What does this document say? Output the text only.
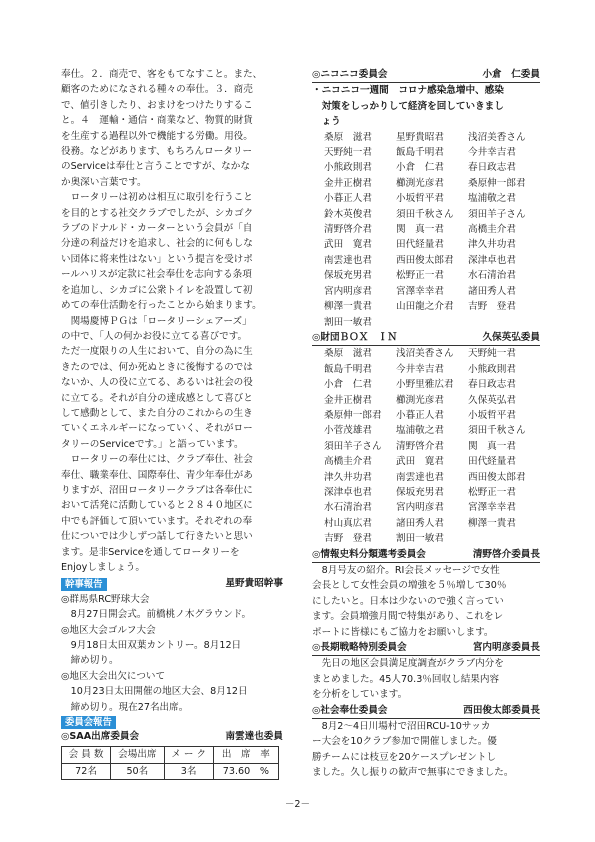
奉仕。２．商売で、客をもてなすこと。また、

顧客のためになされる種々の奉仕。３．商売

で、値引きしたり、おまけをつけたりするこ

と。４　運輸・通信・商業など、物質的財貨

を生産する過程以外で機能する労働。用役。

役務。などがあります、もちろんロータリー

のServiceは奉仕と言うことですが、なかな

か奥深い言葉です。

　ロータリーは初めは相互に取引を行うこと

を目的とする社交クラブでしたが、シカゴク

ラブのドナルド・カーターという会員が「自

分達の利益だけを追求し、社会的に何もしな

い団体に将来性はない」という提言を受けポ

ールハリスが定款に社会奉仕を志向する条項

を追加し、シカゴに公衆トイレを設置して初

めての奉仕活動を行ったことから始まります。

　関場慶博ＰＧは「ロータリーシェアーズ」

の中で、「人の何かお役に立てる喜びです。

ただ一度限りの人生において、自分の為に生

きたのでは、何か死ぬときに後悔するのでは

ないか、人の役に立てる、あるいは社会の役

に立てる。それが自分の達成感として喜びと

して感動として、また自分のこれからの生き

ていくエネルギーになっていく、それがロー

タリーのServiceです。」と語っています。

　ロータリーの奉仕には、クラブ奉仕、社会

奉仕、職業奉仕、国際奉仕、青少年奉仕があ

りますが、沼田ロータリークラブは各奉仕に

おいて活発に活動していると２８４０地区に

中でも評価して頂いています。それぞれの奉

仕についでは少しずつ話して行きたいと思い

ます。是非Serviceを通してロータリーを

Enjoyしましょう。

幹事報告	星野貴昭幹事

◎群馬県RC野球大会

8月27日開会式。前橋桃ノ木グラウンド。

◎地区大会ゴルフ大会

9月18日太田双葉カントリー。8月12日

締め切り。

◎地区大会出欠について

10月23日太田開催の地区大会、8月12日

締め切り。現在27名出席。

委員会報告
◎SAA出席委員会	南雲達也委員
会 員 数	会場出席	メ ー ク	出　席　率
72名	50名	3名	73.60　%
◎ニコニコ委員会	小倉　仁委員

・ニコニコ一週間　コロナ感染急増中、感染

対策をしっかりして経済を回していきまし

ょう

桑原　滋君	星野貴昭君	浅沼美香さん
天野純一君	飯島千明君	今井幸吉君
小熊政則君	小倉　仁君	春日政志君
金井正樹君	櫛渕光彦君	桑原伸一郎君
小暮正人君	小坂哲平君	塩浦敬之君
鈴木英俊君	須田千秋さん	須田羊子さん
清野啓介君	関　真一君	高橋圭介君
武田　寛君	田代経量君	津久井功君
南雲達也君	西田俊太郎君	深津卓也君
保坂充男君	松野正一君	水石清治君
宮内明彦君	宮澤幸幸君	諸田秀人君
柳澤一貴君	山田龍之介君	吉野　登君
割田一敏君
◎財団ＢＯＸ　ＩＮ	久保英弘委員
桑原　滋君	浅沼美香さん	天野純一君
飯島千明君	今井幸吉君	小熊政則君
小倉　仁君	小野里雅広君	春日政志君
金井正樹君	櫛渕光彦君	久保英弘君
桑原伸一郎君	小暮正人君	小坂哲平君
小菅茂雄君	塩浦敬之君	須田千秋さん
須田羊子さん	清野啓介君	関　真一君
高橋圭介君	武田　寛君	田代経量君
津久井功君	南雲達也君	西田俊太郎君
深津卓也君	保坂充男君	松野正一君
水石清治君	宮内明彦君	宮澤幸幸君
村山真広君	諸田秀人君	柳澤一貴君
吉野　登君	割田一敏君
◎情報史料分類選考委員会	清野啓介委員長

　8月号友の紹介。RI会長メッセージで女性

会長として女性会員の増強を５％増して30％

にしたいと。日本は少ないので強く言ってい

ます。会員増強月間で特集があり、これをレ

ポートに皆様にもご協力をお願いします。

◎長期戦略特別委員会	宮内明彦委員長

　先日の地区会員満足度調査がクラブ内分を

まとめました。45人70.3％回収し結果内容

を分析をしています。

◎社会奉仕委員会	西田俊太郎委員長

　8月2～4日川場村で沼田RCU-10サッカ

ー大会を10クラブ参加で開催しました。優

勝チームには枝豆を20ケースプレゼントし

ました。久し振りの歓声で無事にできました。

－2－
